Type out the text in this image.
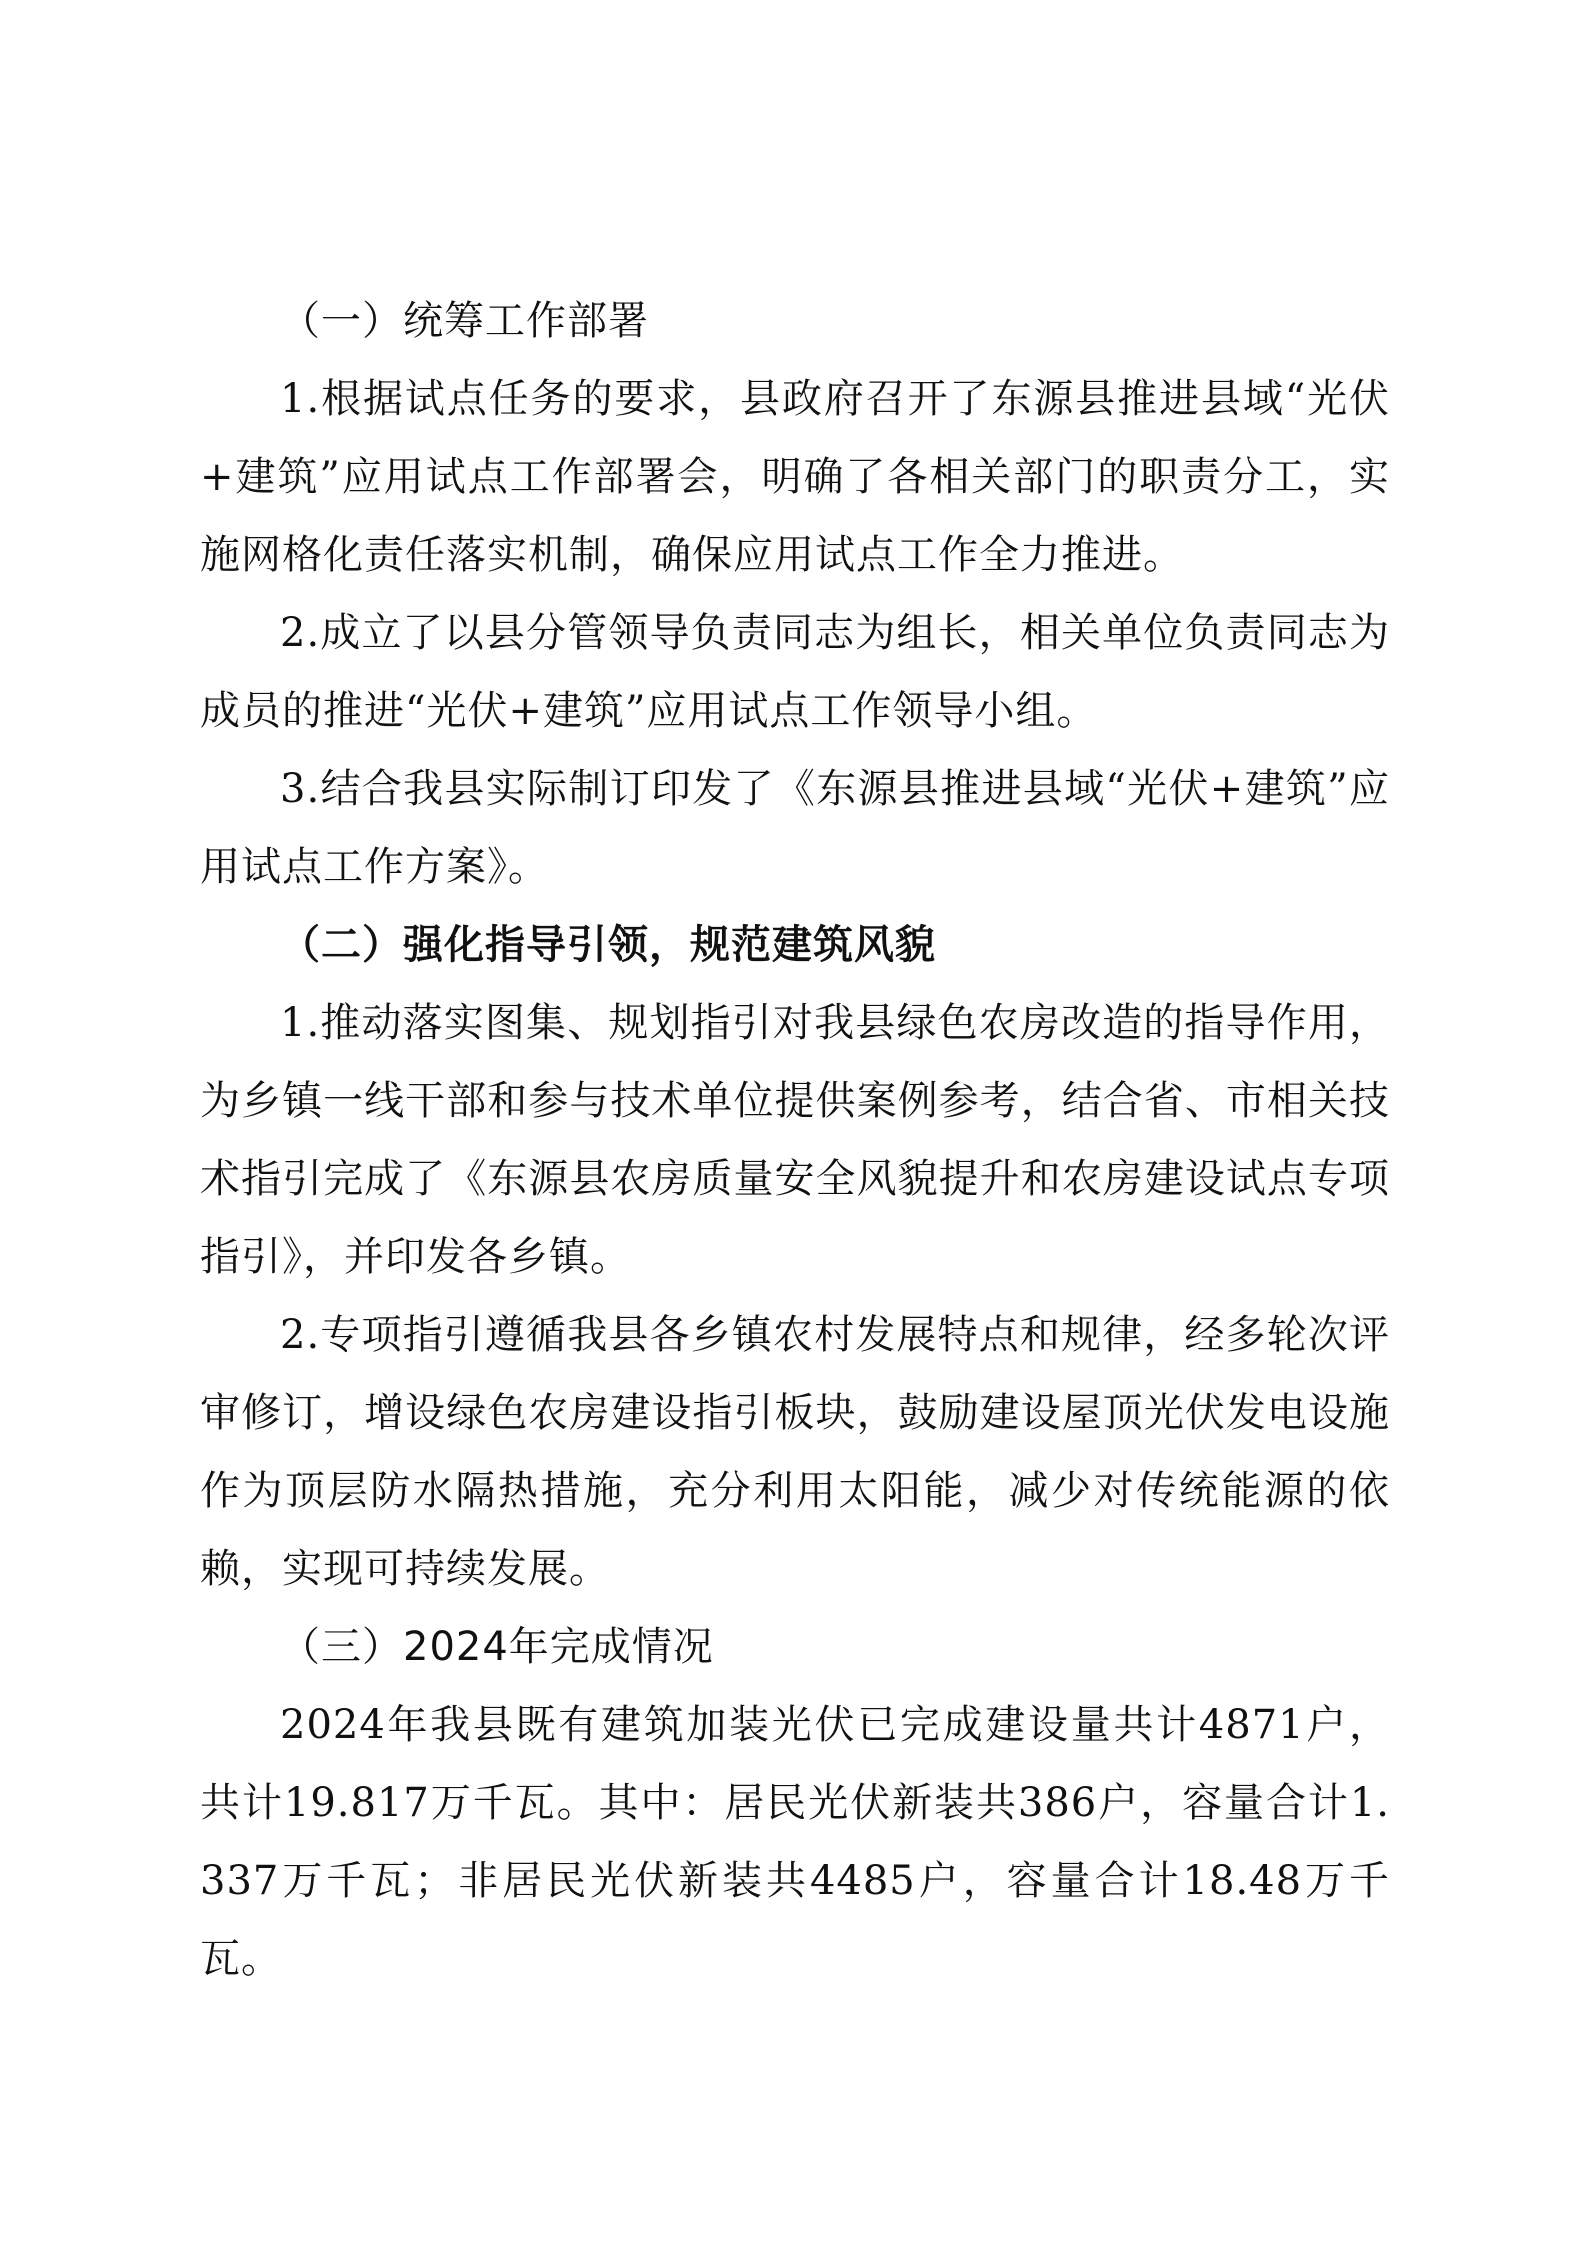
（一）统筹工作部署

1.根据试点任务的要求，县政府召开了东源县推进县域“光伏+建筑”应用试点工作部署会，明确了各相关部门的职责分工，实施网格化责任落实机制，确保应用试点工作全力推进。

2.成立了以县分管领导负责同志为组长，相关单位负责同志为成员的推进“光伏+建筑”应用试点工作领导小组。

3.结合我县实际制订印发了《东源县推进县域“光伏+建筑”应用试点工作方案》。

（二）强化指导引领，规范建筑风貌

1.推动落实图集、规划指引对我县绿色农房改造的指导作用，为乡镇一线干部和参与技术单位提供案例参考，结合省、市相关技术指引完成了《东源县农房质量安全风貌提升和农房建设试点专项指引》，并印发各乡镇。

2.专项指引遵循我县各乡镇农村发展特点和规律，经多轮次评审修订，增设绿色农房建设指引板块，鼓励建设屋顶光伏发电设施作为顶层防水隔热措施，充分利用太阳能，减少对传统能源的依赖，实现可持续发展。

（三）2024年完成情况

2024年我县既有建筑加装光伏已完成建设量共计4871户，共计19.817万千瓦。其中：居民光伏新装共386户，容量合计1.337万千瓦；非居民光伏新装共4485户，容量合计18.48万千瓦。
